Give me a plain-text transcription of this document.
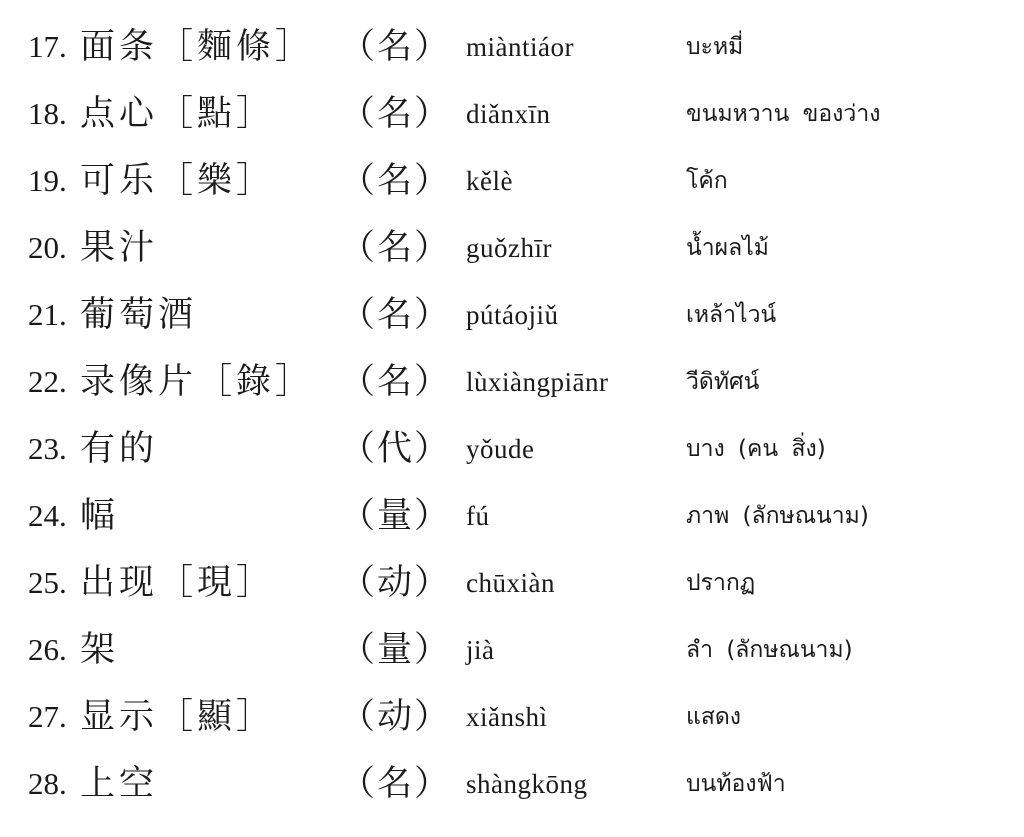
17. 面条［麵條］ （名） miàntiáor	บะหมี่
18. 点心［點］ （名） diǎnxīn	ขนมหวาน ของว่าง
19. 可乐［樂］ （名） kělè	โค้ก
20. 果汁	（名） guǒzhīr	น้ำผลไม้
21. 葡萄酒	（名） pútáojiǔ	เหล้าไวน์
22. 录像片［錄］ （名） lùxiàngpiānr	วีดิทัศน์
23. 有的	（代） yǒude	บาง (คน สิ่ง)
24. 幅	（量） fú	ภาพ (ลักษณนาม)
25. 出现［現］ （动） chūxiàn	ปรากฏ
26. 架	（量） jià	ลำ (ลักษณนาม)
27. 显示［顯］ （动） xiǎnshì	แสดง
28. 上空	（名） shàngkōng	บนท้องฟ้า
